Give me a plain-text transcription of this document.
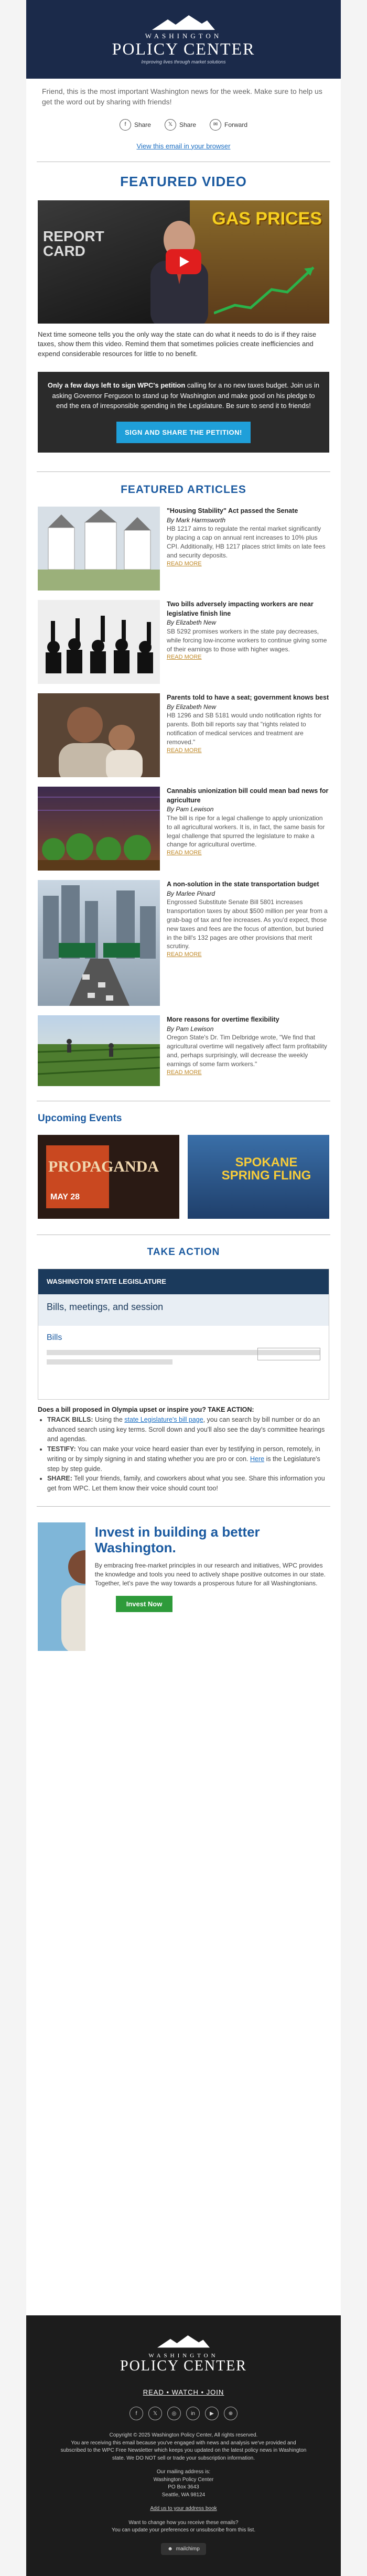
WASHINGTON
POLICY CENTER
Improving lives through market solutions

Friend, this is the most important Washington news for the week. Make sure to help us get the word out by sharing with friends!

f	Share	𝕏	Share	✉	Forward
View this email in your browser
FEATURED VIDEO
REPORT
CARD
GAS PRICES

Next time someone tells you the only way the state can do what it needs to do is if they raise taxes, show them this video. Remind them that sometimes policies create inefficiencies and expend considerable resources for little to no benefit.

Only a few days left to sign WPC's petition calling for a no new taxes budget. Join us in asking Governor Ferguson to stand up for Washington and make good on his pledge to end the era of irresponsible spending in the Legislature. Be sure to send it to friends!

SIGN AND SHARE THE PETITION!
FEATURED ARTICLES
"Housing Stability" Act passed the Senate
By Mark Harmsworth
HB 1217 aims to regulate the rental market significantly by placing a cap on annual rent increases to 10% plus CPI. Additionally, HB 1217 places strict limits on late fees and security deposits.
READ MORE
Two bills adversely impacting workers are near legislative finish line
By Elizabeth New
SB 5292 promises workers in the state pay decreases, while forcing low-income workers to continue giving some of their earnings to those with higher wages.
READ MORE
Parents told to have a seat; government knows best
By Elizabeth New
HB 1296 and SB 5181 would undo notification rights for parents. Both bill reports say that "rights related to notification of medical services and treatment are removed."
READ MORE
Cannabis unionization bill could mean bad news for agriculture
By Pam Lewison
The bill is ripe for a legal challenge to apply unionization to all agricultural workers. It is, in fact, the same basis for legal challenge that spurred the legislature to make a change for agricultural overtime.
READ MORE
A non-solution in the state transportation budget
By Marlee Pinard
Engrossed Substitute Senate Bill 5801 increases transportation taxes by about $500 million per year from a grab-bag of tax and fee increases. As you'd expect, those new taxes and fees are the focus of attention, but buried in the bill's 132 pages are other provisions that merit scrutiny.
READ MORE
More reasons for overtime flexibility
By Pam Lewison
Oregon State's Dr. Tim Delbridge wrote, "We find that agricultural overtime will negatively affect farm profitability and, perhaps surprisingly, will decrease the weekly earnings of some farm workers."
READ MORE
Upcoming Events
PROPAGANDA
MAY 28
SPOKANE SPRING FLING
TAKE ACTION
WASHINGTON STATE LEGISLATURE
Bills, meetings, and session
Bills

Does a bill proposed in Olympia upset or inspire you? TAKE ACTION:

• TRACK BILLS: Using the state Legislature's bill page, you can search by bill number or do an advanced search using key terms. Scroll down and you'll also see the day's committee hearings and agendas.
• TESTIFY: You can make your voice heard easier than ever by testifying in person, remotely, in writing or by simply signing in and stating whether you are pro or con. Here is the Legislature's step by step guide.
• SHARE: Tell your friends, family, and coworkers about what you see. Share this information you get from WPC. Let them know their voice should count too!
Invest in building a better Washington.
By embracing free-market principles in our research and initiatives, WPC provides the knowledge and tools you need to actively shape positive outcomes in our state. Together, let's pave the way towards a prosperous future for all Washingtonians.
Invest Now
WASHINGTON
POLICY CENTER
READ • WATCH • JOIN
f	𝕏	◎	in	▶	⊕

Copyright © 2025 Washington Policy Center, All rights reserved.

You are receiving this email because you've engaged with news and analysis we've provided and subscribed to the WPC Free Newsletter which keeps you updated on the latest policy news in Washington state. We DO NOT sell or trade your subscription information.

Our mailing address is:

Washington Policy Center

PO Box 3643

Seattle, WA 98124

Add us to your address book

Want to change how you receive these emails?

You can update your preferences or unsubscribe from this list.

☻ mailchimp
